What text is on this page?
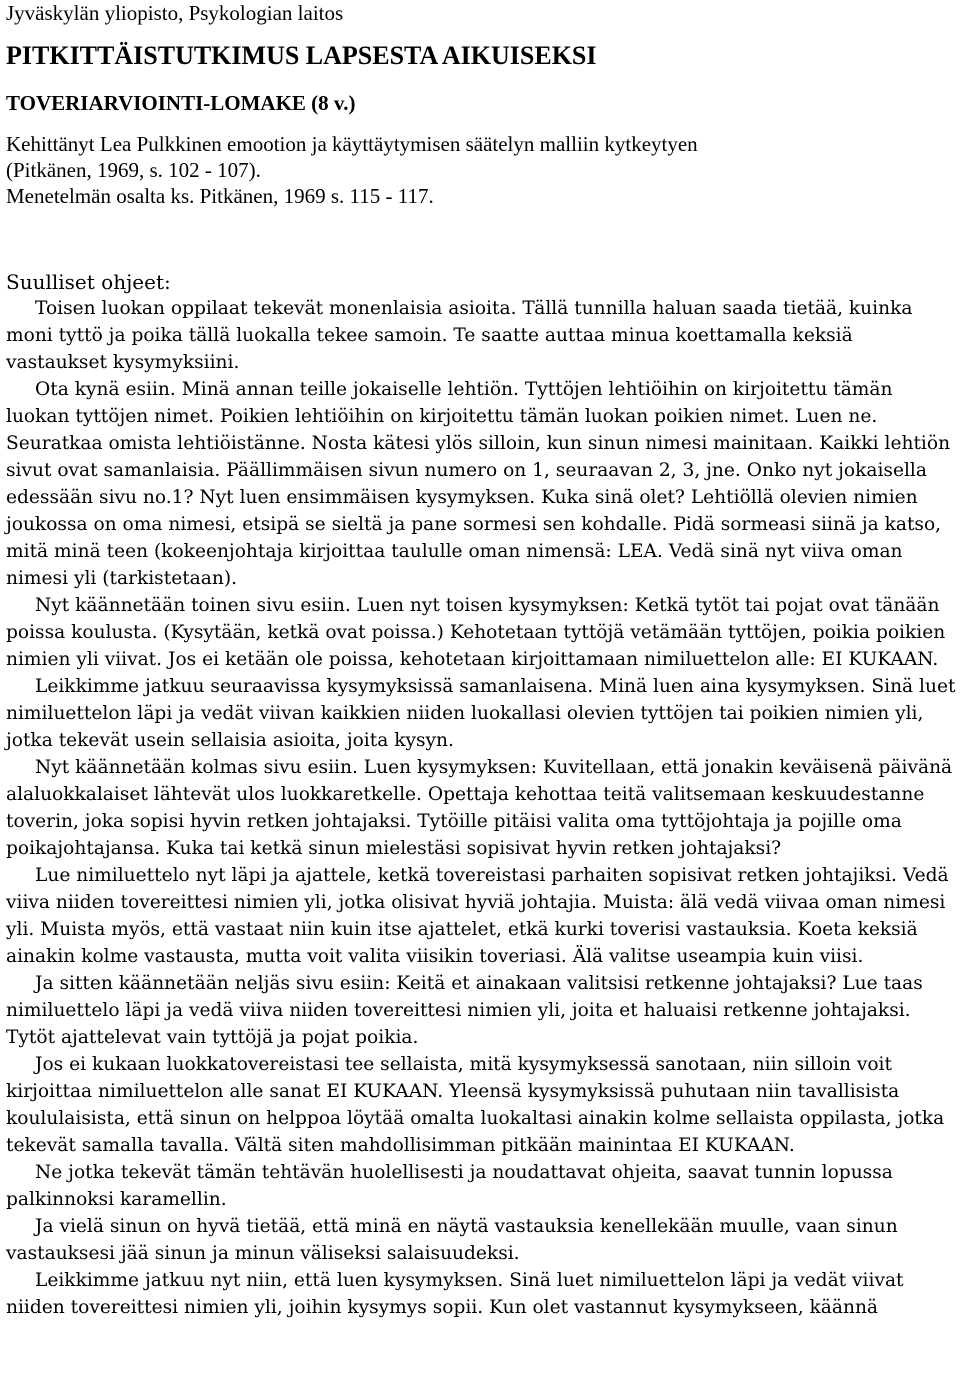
Jyväskylän yliopisto, Psykologian laitos
PITKITTÄISTUTKIMUS LAPSESTA AIKUISEKSI
TOVERIARVIOINTI-LOMAKE (8 v.)
Kehittänyt Lea Pulkkinen emootion ja käyttäytymisen säätelyn malliin kytkeytyen
(Pitkänen, 1969, s. 102 - 107).
Menetelmän osalta ks. Pitkänen, 1969 s. 115 - 117.
Suulliset ohjeet:

Toisen luokan oppilaat tekevät monenlaisia asioita. Tällä tunnilla haluan saada tietää, kuinka moni tyttö ja poika tällä luokalla tekee samoin. Te saatte auttaa minua koettamalla keksiä vastaukset kysymyksiini.

Ota kynä esiin. Minä annan teille jokaiselle lehtiön. Tyttöjen lehtiöihin on kirjoitettu tämän luokan tyttöjen nimet. Poikien lehtiöihin on kirjoitettu tämän luokan poikien nimet. Luen ne. Seuratkaa omista lehtiöistänne. Nosta kätesi ylös silloin, kun sinun nimesi mainitaan. Kaikki lehtiön sivut ovat samanlaisia. Päällimmäisen sivun numero on 1, seuraavan 2, 3, jne. Onko nyt jokaisella edessään sivu no.1? Nyt luen ensimmäisen kysymyksen. Kuka sinä olet? Lehtiöllä olevien nimien joukossa on oma nimesi, etsipä se sieltä ja pane sormesi sen kohdalle. Pidä sormeasi siinä ja katso, mitä minä teen (kokeenjohtaja kirjoittaa taululle oman nimensä: LEA. Vedä sinä nyt viiva oman nimesi yli (tarkistetaan).

Nyt käännetään toinen sivu esiin. Luen nyt toisen kysymyksen: Ketkä tytöt tai pojat ovat tänään poissa koulusta. (Kysytään, ketkä ovat poissa.) Kehotetaan tyttöjä vetämään tyttöjen, poikia poikien nimien yli viivat. Jos ei ketään ole poissa, kehotetaan kirjoittamaan nimiluettelon alle: EI KUKAAN.

Leikkimme jatkuu seuraavissa kysymyksissä samanlaisena. Minä luen aina kysymyksen. Sinä luet nimiluettelon läpi ja vedät viivan kaikkien niiden luokallasi olevien tyttöjen tai poikien nimien yli, jotka tekevät usein sellaisia asioita, joita kysyn.

Nyt käännetään kolmas sivu esiin. Luen kysymyksen: Kuvitellaan, että jonakin keväisenä päivänä alaluokkalaiset lähtevät ulos luokkaretkelle. Opettaja kehottaa teitä valitsemaan keskuudestanne toverin, joka sopisi hyvin retken johtajaksi. Tytöille pitäisi valita oma tyttöjohtaja ja pojille oma poikajohtajansa. Kuka tai ketkä sinun mielestäsi sopisivat hyvin retken johtajaksi?

Lue nimiluettelo nyt läpi ja ajattele, ketkä tovereistasi parhaiten sopisivat retken johtajiksi. Vedä viiva niiden tovereittesi nimien yli, jotka olisivat hyviä johtajia. Muista: älä vedä viivaa oman nimesi yli. Muista myös, että vastaat niin kuin itse ajattelet, etkä kurki toverisi vastauksia. Koeta keksiä ainakin kolme vastausta, mutta voit valita viisikin toveriasi. Älä valitse useampia kuin viisi.

Ja sitten käännetään neljäs sivu esiin: Keitä et ainakaan valitsisi retkenne johtajaksi? Lue taas nimiluettelo läpi ja vedä viiva niiden tovereittesi nimien yli, joita et haluaisi retkenne johtajaksi. Tytöt ajattelevat vain tyttöjä ja pojat poikia.

Jos ei kukaan luokkatovereistasi tee sellaista, mitä kysymyksessä sanotaan, niin silloin voit kirjoittaa nimiluettelon alle sanat EI KUKAAN. Yleensä kysymyksissä puhutaan niin tavallisista koululaisista, että sinun on helppoa löytää omalta luokaltasi ainakin kolme sellaista oppilasta, jotka tekevät samalla tavalla. Vältä siten mahdollisimman pitkään mainintaa EI KUKAAN.

Ne jotka tekevät tämän tehtävän huolellisesti ja noudattavat ohjeita, saavat tunnin lopussa palkinnoksi karamellin.

Ja vielä sinun on hyvä tietää, että minä en näytä vastauksia kenellekään muulle, vaan sinun vastauksesi jää sinun ja minun väliseksi salaisuudeksi.

Leikkimme jatkuu nyt niin, että luen kysymyksen. Sinä luet nimiluettelon läpi ja vedät viivat niiden tovereittesi nimien yli, joihin kysymys sopii. Kun olet vastannut kysymykseen, käännä
